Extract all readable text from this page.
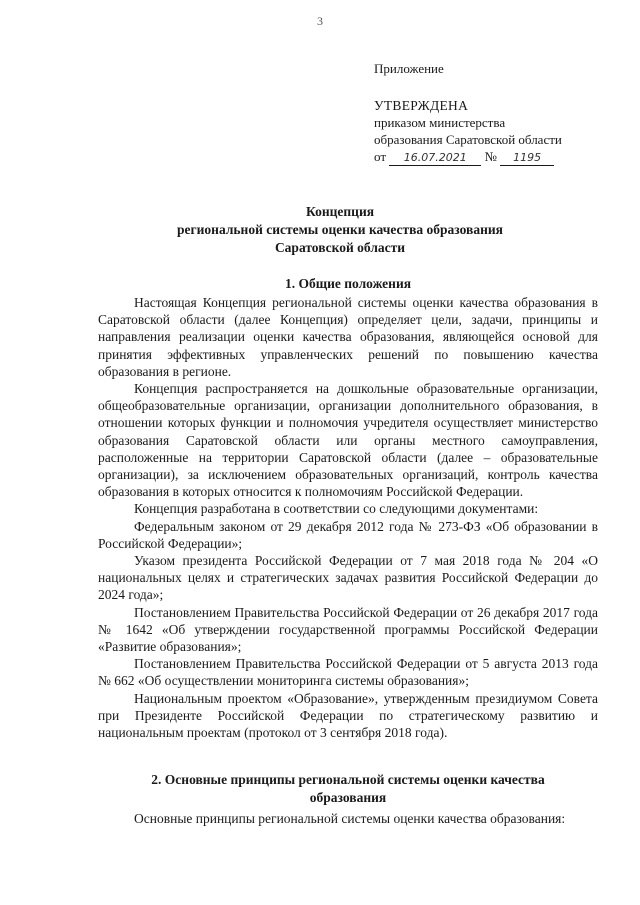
3
Приложение
УТВЕРЖДЕНА
приказом министерства
образования Саратовской области
от 16.07.2021 № 1195
Концепция
региональной системы оценки качества образования
Саратовской области
1. Общие положения

Настоящая Концепция региональной системы оценки качества образования в Саратовской области (далее Концепция) определяет цели, задачи, принципы и направления реализации оценки качества образования, являющейся основой для принятия эффективных управленческих решений по повышению качества образования в регионе.

Концепция распространяется на дошкольные образовательные организации, общеобразовательные организации, организации дополнительного образования, в отношении которых функции и полномочия учредителя осуществляет министерство образования Саратовской области или органы местного самоуправления, расположенные на территории Саратовской области (далее – образовательные организации), за исключением образовательных организаций, контроль качества образования в которых относится к полномочиям Российской Федерации.

Концепция разработана в соответствии со следующими документами:

Федеральным законом от 29 декабря 2012 года № 273-ФЗ «Об образовании в Российской Федерации»;

Указом президента Российской Федерации от 7 мая 2018 года № 204 «О национальных целях и стратегических задачах развития Российской Федерации до 2024 года»;

Постановлением Правительства Российской Федерации от 26 декабря 2017 года № 1642 «Об утверждении государственной программы Российской Федерации «Развитие образования»;

Постановлением Правительства Российской Федерации от 5 августа 2013 года № 662 «Об осуществлении мониторинга системы образования»;

Национальным проектом «Образование», утвержденным президиумом Совета при Президенте Российской Федерации по стратегическому развитию и национальным проектам (протокол от 3 сентября 2018 года).

2. Основные принципы региональной системы оценки качества
образования

Основные принципы региональной системы оценки качества образования:
